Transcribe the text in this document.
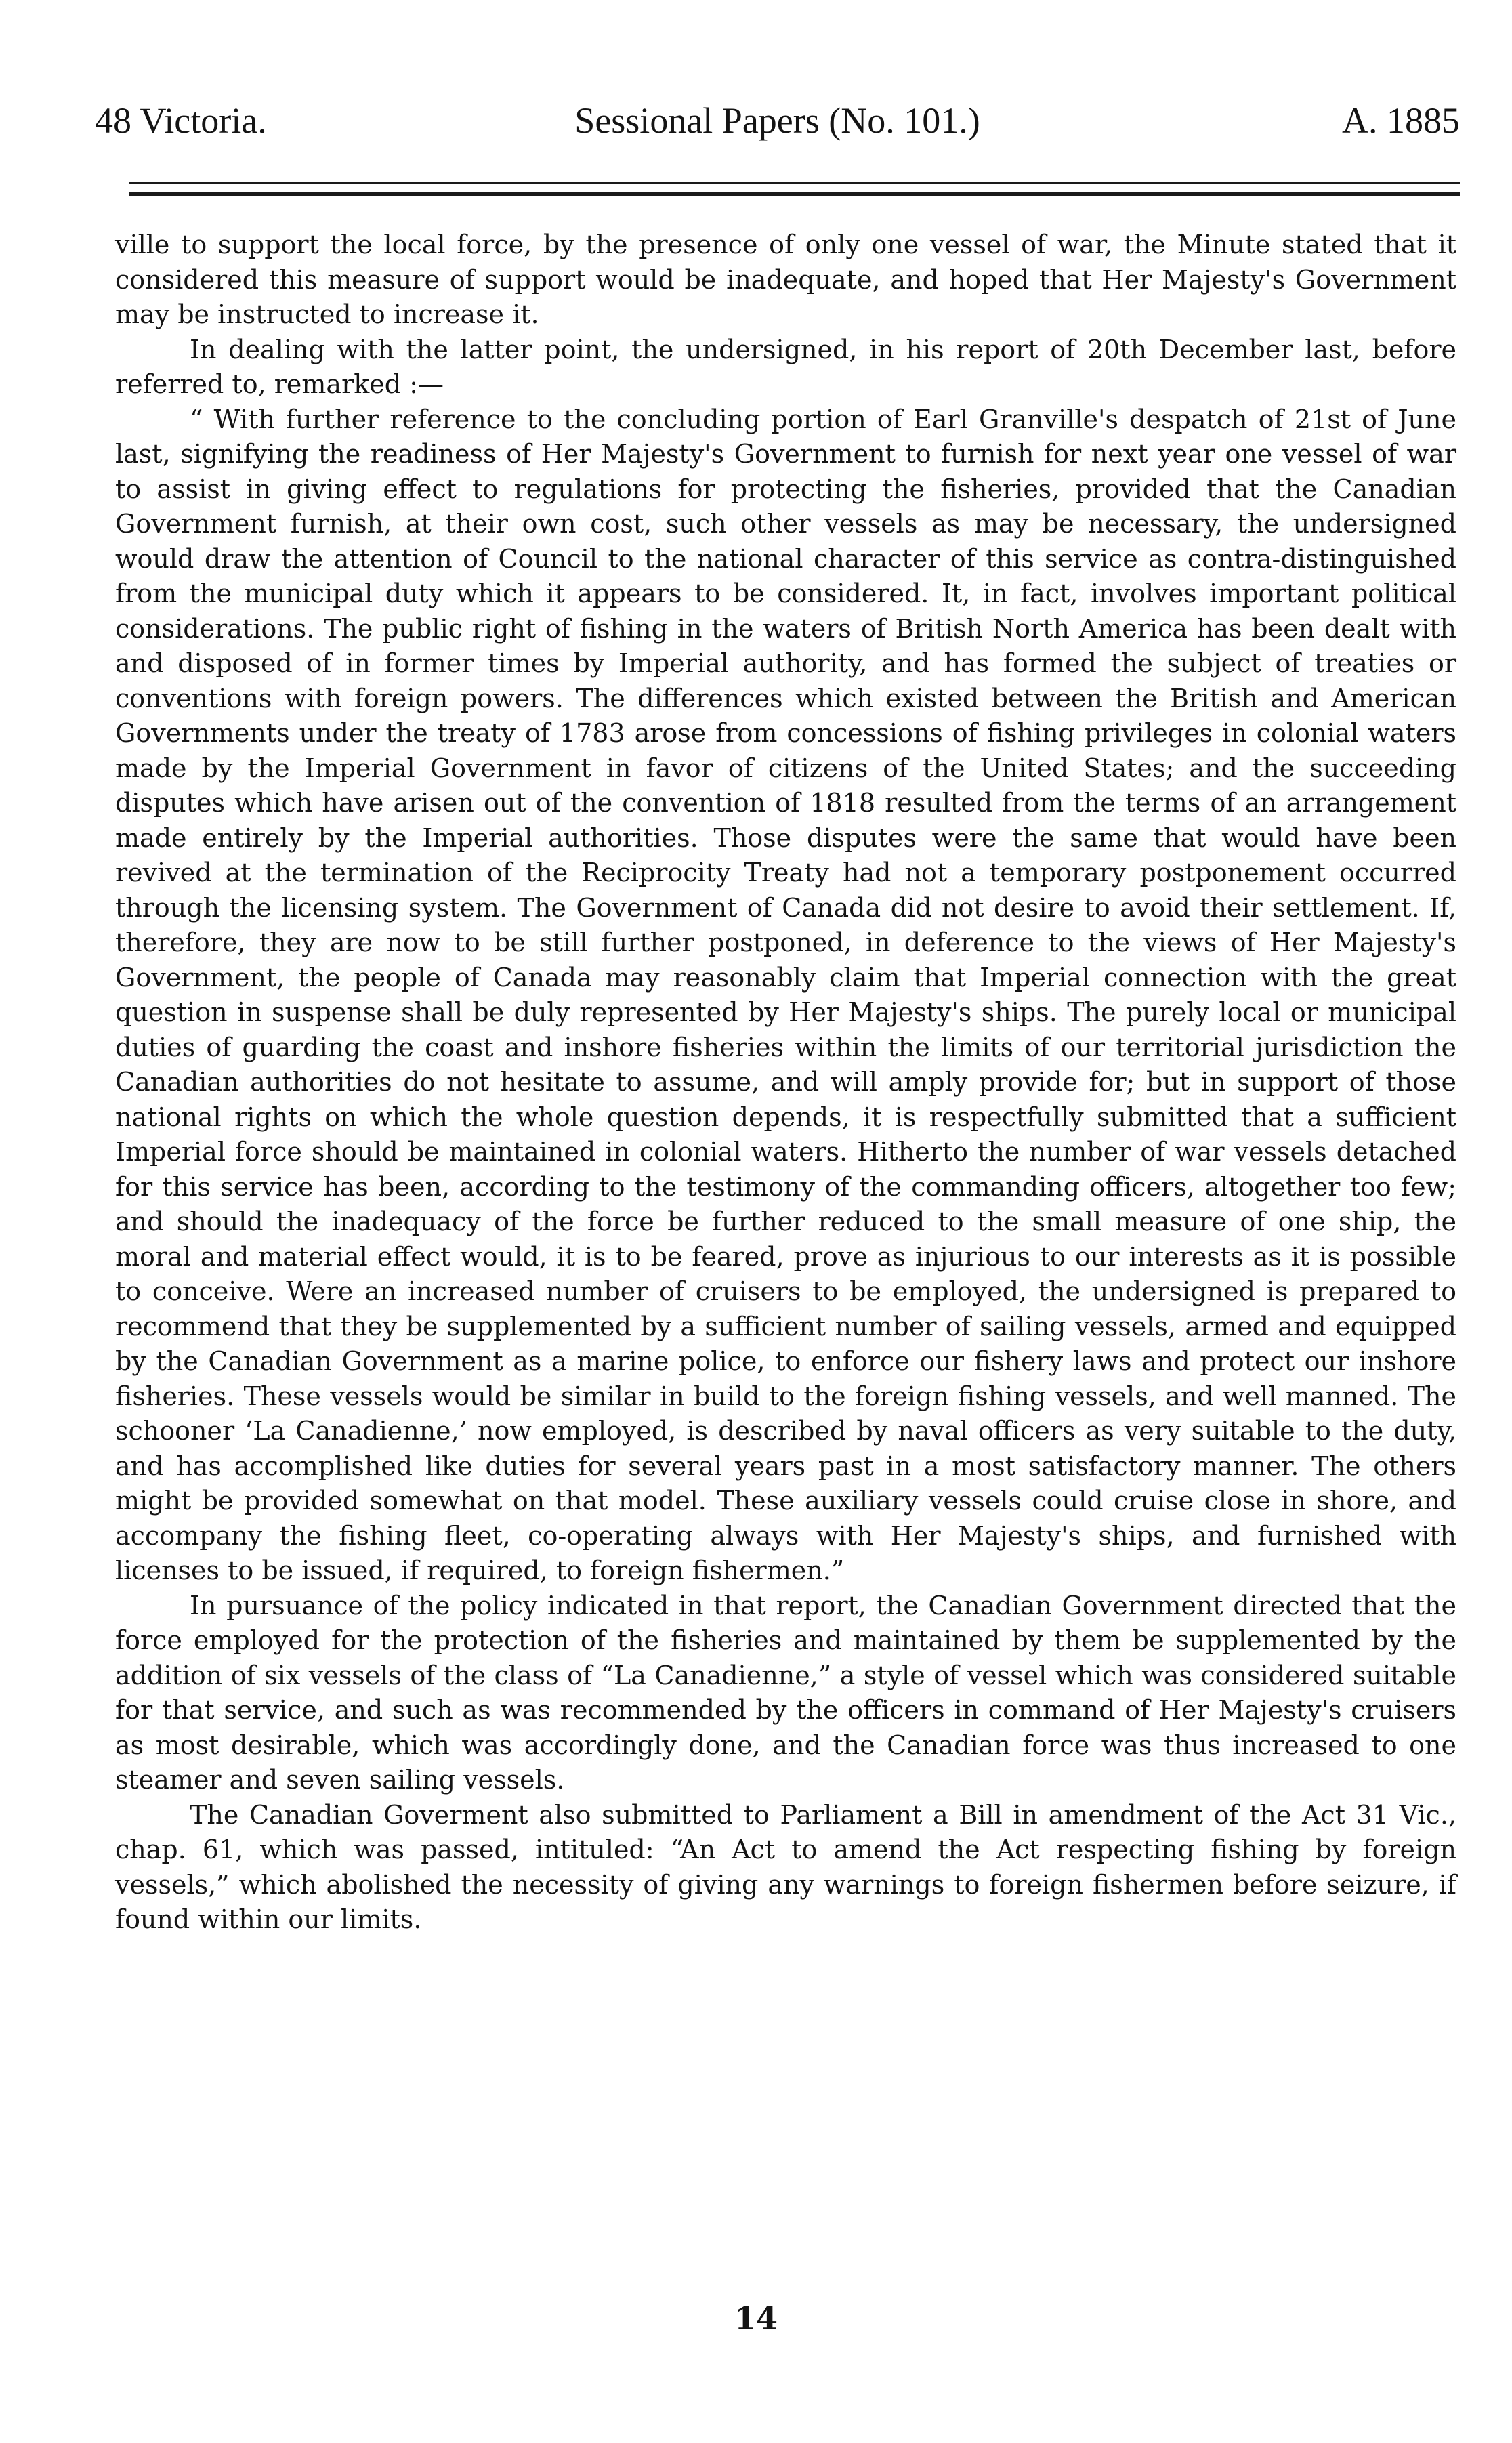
48 Victoria.	Sessional Papers (No. 101.)	A. 1885

ville to support the local force, by the presence of only one vessel of war, the Minute stated that it considered this measure of support would be inadequate, and hoped that Her Majesty's Government may be instructed to increase it.

In dealing with the latter point, the undersigned, in his report of 20th December last, before referred to, remarked :—

“ With further reference to the concluding portion of Earl Granville's despatch of 21st of June last, signifying the readiness of Her Majesty's Government to furnish for next year one vessel of war to assist in giving effect to regulations for protecting the fisheries, provided that the Canadian Government furnish, at their own cost, such other vessels as may be necessary, the undersigned would draw the attention of Council to the national character of this service as contra-distinguished from the municipal duty which it appears to be considered. It, in fact, involves important political considerations. The public right of fishing in the waters of British North America has been dealt with and disposed of in former times by Imperial authority, and has formed the subject of treaties or conventions with foreign powers. The differences which existed between the British and American Governments under the treaty of 1783 arose from concessions of fishing privileges in colonial waters made by the Imperial Government in favor of citizens of the United States; and the succeeding disputes which have arisen out of the convention of 1818 resulted from the terms of an arrangement made entirely by the Imperial authorities. Those disputes were the same that would have been revived at the termination of the Reciprocity Treaty had not a temporary postponement occurred through the licensing system. The Government of Canada did not desire to avoid their settlement. If, therefore, they are now to be still further postponed, in deference to the views of Her Majesty's Government, the people of Canada may reasonably claim that Imperial connection with the great question in suspense shall be duly represented by Her Majesty's ships. The purely local or municipal duties of guarding the coast and inshore fisheries within the limits of our territorial jurisdiction the Canadian authorities do not hesitate to assume, and will amply provide for; but in support of those national rights on which the whole question depends, it is respectfully submitted that a sufficient Imperial force should be maintained in colonial waters. Hitherto the number of war vessels detached for this service has been, according to the testimony of the commanding officers, altogether too few; and should the inadequacy of the force be further reduced to the small measure of one ship, the moral and material effect would, it is to be feared, prove as injurious to our interests as it is possible to conceive. Were an increased number of cruisers to be employed, the undersigned is prepared to recommend that they be supplemented by a sufficient number of sailing vessels, armed and equipped by the Canadian Government as a marine police, to enforce our fishery laws and protect our inshore fisheries. These vessels would be similar in build to the foreign fishing vessels, and well manned. The schooner ‘La Canadienne,’ now employed, is described by naval officers as very suitable to the duty, and has accomplished like duties for several years past in a most satisfactory manner. The others might be provided somewhat on that model. These auxiliary vessels could cruise close in shore, and accompany the fishing fleet, co-operating always with Her Majesty's ships, and furnished with licenses to be issued, if required, to foreign fishermen.”

In pursuance of the policy indicated in that report, the Canadian Government directed that the force employed for the protection of the fisheries and maintained by them be supplemented by the addition of six vessels of the class of “La Canadienne,” a style of vessel which was considered suitable for that service, and such as was recommended by the officers in command of Her Majesty's cruisers as most desirable, which was accordingly done, and the Canadian force was thus increased to one steamer and seven sailing vessels.

The Canadian Goverment also submitted to Parliament a Bill in amendment of the Act 31 Vic., chap. 61, which was passed, intituled: “An Act to amend the Act respecting fishing by foreign vessels,” which abolished the necessity of giving any warnings to foreign fishermen before seizure, if found within our limits.

14
